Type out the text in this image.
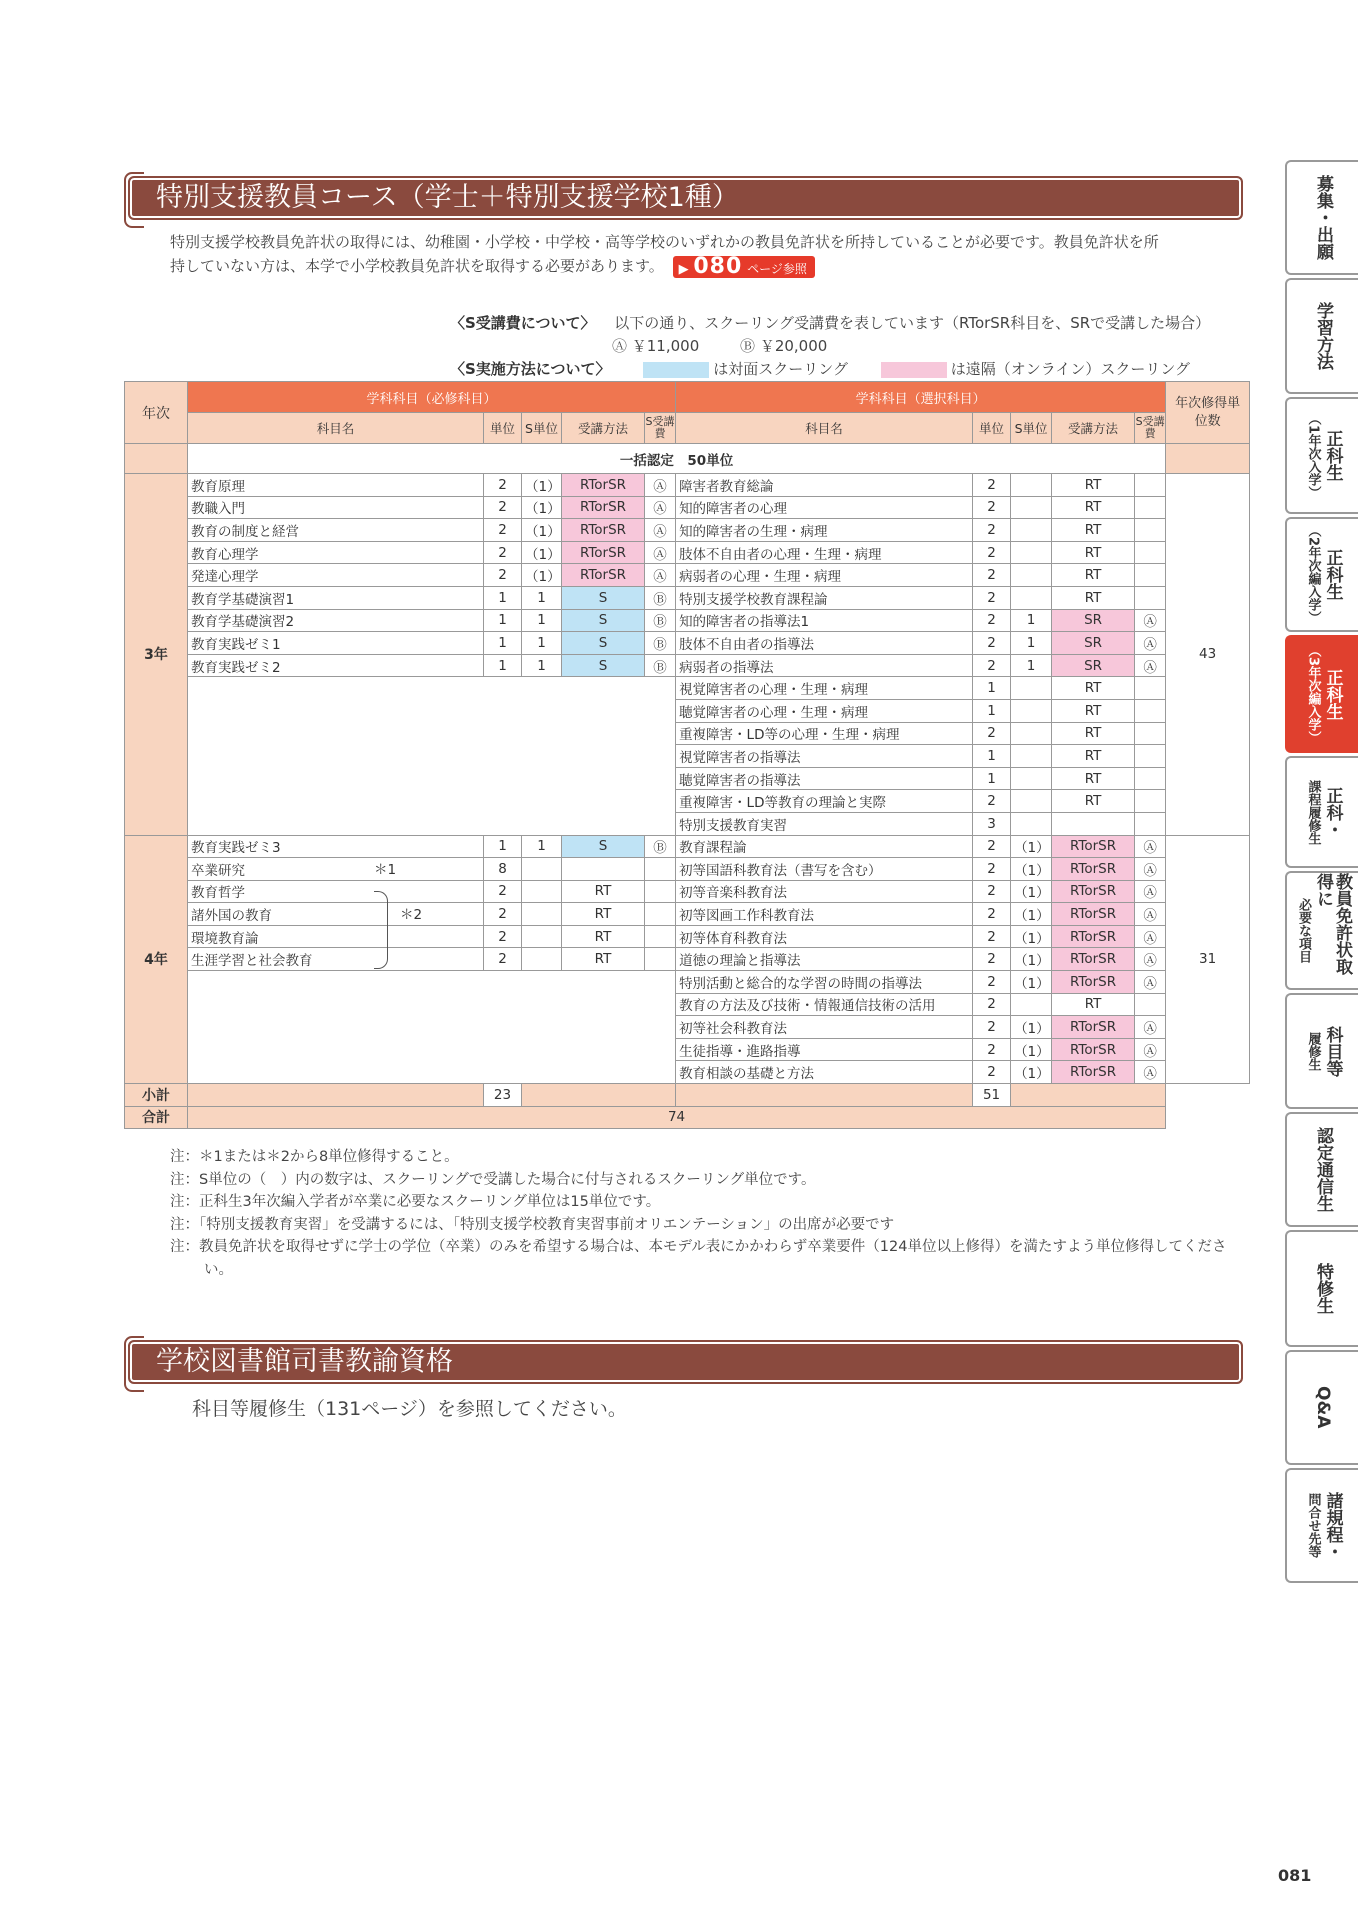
特別支援教員コース（学士＋特別支援学校1種）
特別支援学校教員免許状の取得には、幼稚園・小学校・中学校・高等学校のいずれかの教員免許状を所持していることが必要です。教員免許状を所
持していない方は、本学で小学校教員免許状を取得する必要があります。 ▶ 080 ページ参照
〈S受講費について〉 以下の通り、スクーリング受講費を表しています（RTorSR科目を、SRで受講した場合）
Ⓐ ￥11,000	Ⓑ ￥20,000
〈S実施方法について〉	は対面スクーリング	は遠隔（オンライン）スクーリング
年次	学科科目（必修科目）					学科科目（選択科目）					年次修得単位数
	科目名	単位	S単位	受講方法	S受講費	科目名	単位	S単位	受講方法	S受講費	
	一括認定　50単位										
3年	教育原理	2	（1）	RTorSR	Ⓐ	障害者教育総論	2		RT		43
	教職入門	2	（1）	RTorSR	Ⓐ	知的障害者の心理	2		RT		
	教育の制度と経営	2	（1）	RTorSR	Ⓐ	知的障害者の生理・病理	2		RT		
	教育心理学	2	（1）	RTorSR	Ⓐ	肢体不自由者の心理・生理・病理	2		RT		
	発達心理学	2	（1）	RTorSR	Ⓐ	病弱者の心理・生理・病理	2		RT		
	教育学基礎演習1	1	1	S	Ⓑ	特別支援学校教育課程論	2		RT		
	教育学基礎演習2	1	1	S	Ⓑ	知的障害者の指導法1	2	1	SR	Ⓐ	
	教育実践ゼミ1	1	1	S	Ⓑ	肢体不自由者の指導法	2	1	SR	Ⓐ	
	教育実践ゼミ2	1	1	S	Ⓑ	病弱者の指導法	2	1	SR	Ⓐ	
						視覚障害者の心理・生理・病理	1		RT		
						聴覚障害者の心理・生理・病理	1		RT		
						重複障害・LD等の心理・生理・病理	2		RT		
						視覚障害者の指導法	1		RT		
						聴覚障害者の指導法	1		RT		
						重複障害・LD等教育の理論と実際	2		RT		
						特別支援教育実習	3				
4年	教育実践ゼミ3	1	1	S	Ⓑ	教育課程論	2	（1）	RTorSR	Ⓐ	31
	卒業研究 ＊1	8				初等国語科教育法（書写を含む）	2	（1）	RTorSR	Ⓐ	
	教育哲学	2		RT		初等音楽科教育法	2	（1）	RTorSR	Ⓐ	
	諸外国の教育 ＊2	2		RT		初等図画工作科教育法	2	（1）	RTorSR	Ⓐ	
	環境教育論	2		RT		初等体育科教育法	2	（1）	RTorSR	Ⓐ	
	生涯学習と社会教育	2		RT		道徳の理論と指導法	2	（1）	RTorSR	Ⓐ	
						特別活動と総合的な学習の時間の指導法	2	（1）	RTorSR	Ⓐ	
						教育の方法及び技術・情報通信技術の活用	2		RT		
						初等社会科教育法	2	（1）	RTorSR	Ⓐ	
						生徒指導・進路指導	2	（1）	RTorSR	Ⓐ	
						教育相談の基礎と方法	2	（1）	RTorSR	Ⓐ	
小計		23					51				
合計	74										
注：＊1または＊2から8単位修得すること。
注：S単位の（　）内の数字は、スクーリングで受講した場合に付与されるスクーリング単位です。
注：正科生3年次編入学者が卒業に必要なスクーリング単位は15単位です。
注：「特別支援教育実習」を受講するには、「特別支援学校教育実習事前オリエンテーション」の出席が必要です
注：教員免許状を取得せずに学士の学位（卒業）のみを希望する場合は、本モデル表にかかわらず卒業要件（124単位以上修得）を満たすよう単位修得してください。
学校図書館司書教諭資格
科目等履修生（131ページ）を参照してください。
募集・出願
学習方法
正科生
（1年次入学）
正科生
（2年次編入学）
正科生
（3年次編入学）
正科・
課程履修生
教員免許状取得に
必要な項目
科目等
履修生
認定通信生
特修生
Q&A
諸規程・
問合せ先等
081
